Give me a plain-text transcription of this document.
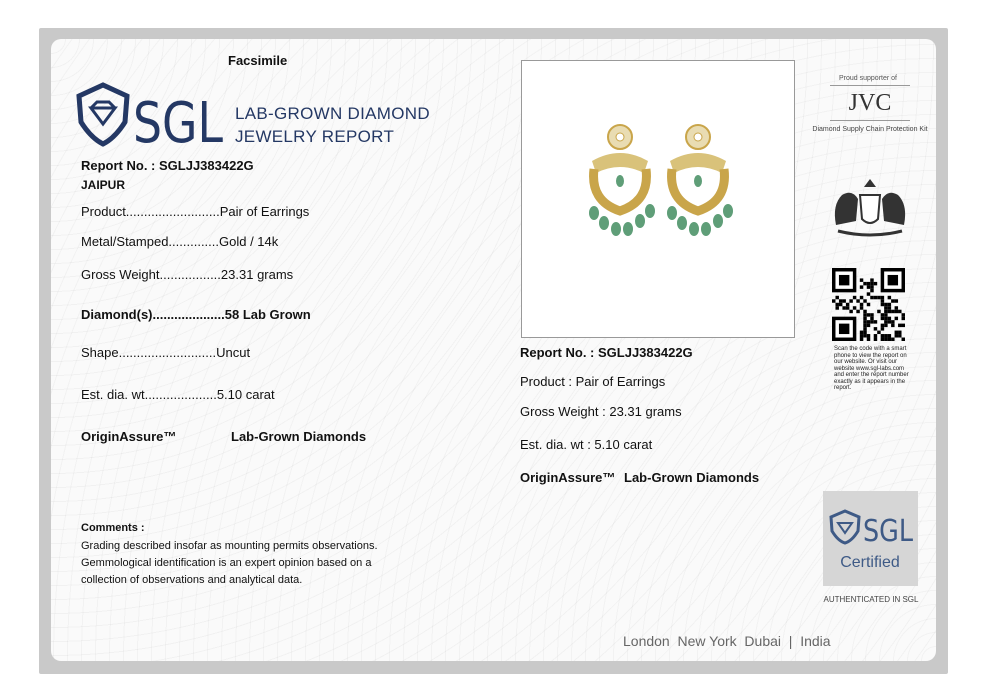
Facsimile
SGL LAB-GROWN DIAMOND
JEWELRY REPORT
Report No. : SGLJJ383422G
JAIPUR
Product..........................Pair of Earrings
Metal/Stamped..............Gold / 14k
Gross Weight.................23.31 grams
Diamond(s)....................58 Lab Grown
Shape...........................Uncut
Est. dia. wt....................5.10 carat
OriginAssure™	Lab-Grown Diamonds
Report No. : SGLJJ383422G
Product : Pair of Earrings
Gross Weight : 23.31 grams
Est. dia. wt : 5.10 carat
OriginAssure™ Lab-Grown Diamonds
Comments :
Grading described insofar as mounting permits observations. Gemmological identification is an expert opinion based on a collection of observations and analytical data.
Proud supporter of
JVC
Diamond Supply Chain Protection Kit
Scan the code with a smart phone to view the report on our website. Or visit our website www.sgl-labs.com and enter the report number exactly as it appears in the report.
SGL
Certified
AUTHENTICATED IN SGL
London  New York  Dubai  |  India
